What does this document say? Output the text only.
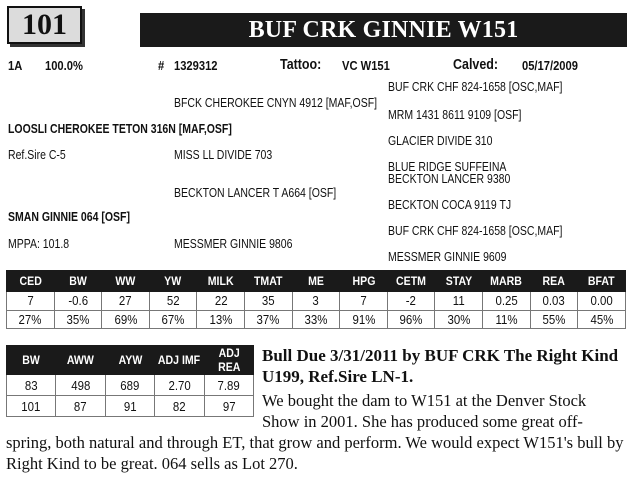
101	BUF CRK GINNIE W151
1A 100.0%	# 1329312	Tattoo: VC W151	Calved: 05/17/2009
BUF CRK CHF 824-1658 [OSC,MAF]
BFCK CHEROKEE CNYN 4912 [MAF,OSF]
MRM 1431 8611 9109 [OSF]
LOOSLI CHEROKEE TETON 316N [MAF,OSF]
GLACIER DIVIDE 310
Ref.Sire C-5	MISS LL DIVIDE 703
BLUE RIDGE SUFFEINA
BECKTON LANCER 9380
BECKTON LANCER T A664 [OSF]
BECKTON COCA 9119 TJ
SMAN GINNIE 064 [OSF]
BUF CRK CHF 824-1658 [OSC,MAF]
MPPA: 101.8	MESSMER GINNIE 9806
MESSMER GINNIE 9609
CED	BW	WW	YW	MILK	TMAT	ME	HPG	CETM	STAY	MARB	REA	BFAT
7	-0.6	27	52	22	35	3	7	-2	11	0.25	0.03	0.00
27%	35%	69%	67%	13%	37%	33%	91%	96%	30%	11%	55%	45%
BW	AWW	AYW	ADJ IMF	ADJ REA
83	498	689	2.70	7.89
101	87	91	82	97
Bull Due 3/31/2011 by BUF CRK The Right Kind U199, Ref.Sire LN-1.
We bought the dam to W151 at the Denver Stock Show in 2001. She has produced some great off-
spring, both natural and through ET, that grow and perform. We would expect W151's bull by Right Kind to be great. 064 sells as Lot 270.
